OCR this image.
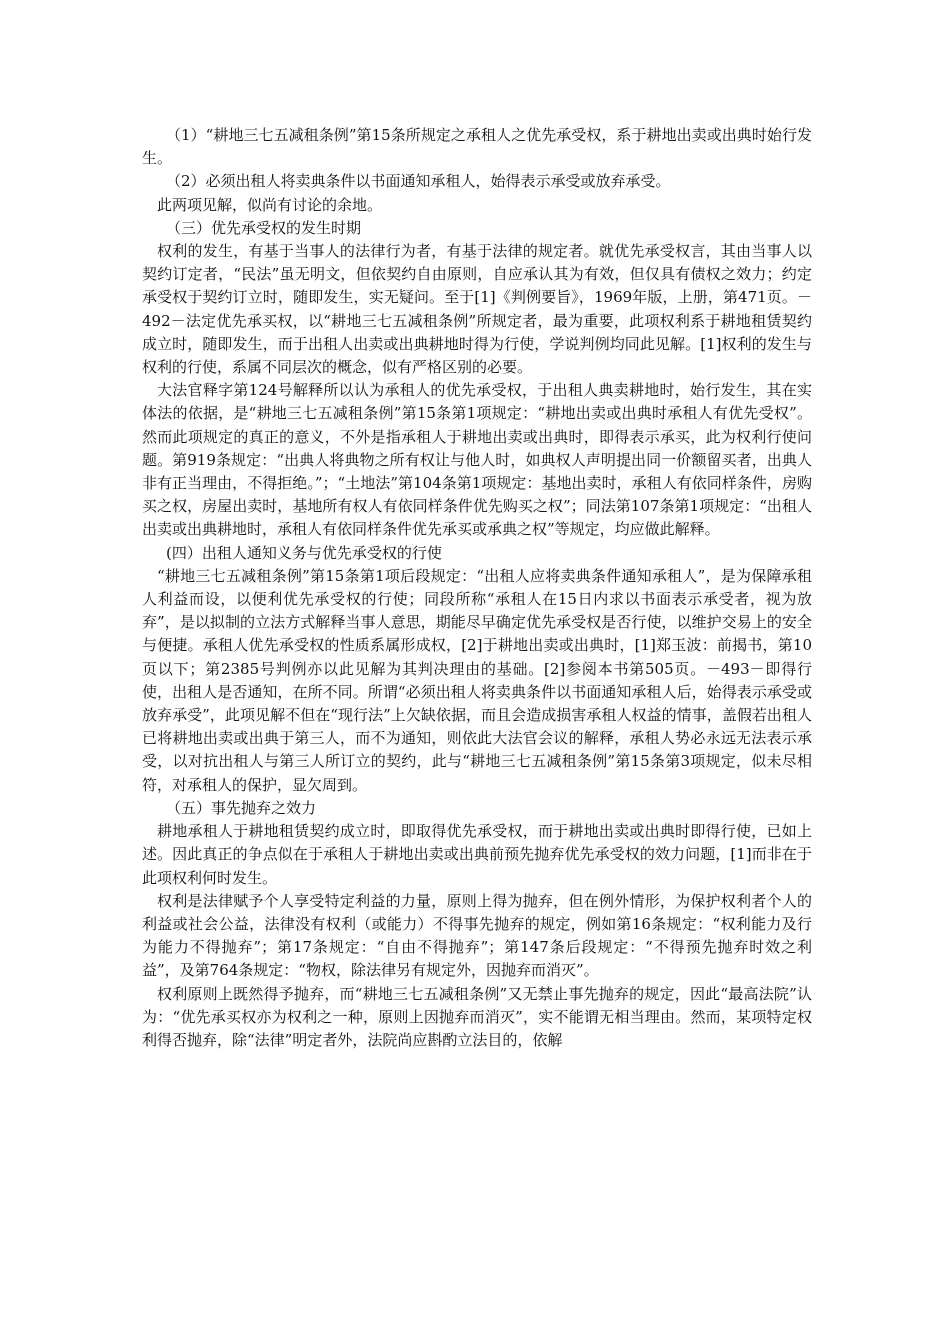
（1）“耕地三七五减租条例”第15条所规定之承租人之优先承受权，系于耕地出卖或出典时始行发生。

（2）必须出租人将卖典条件以书面通知承租人，始得表示承受或放弃承受。

此两项见解，似尚有讨论的余地。

（三）优先承受权的发生时期

权利的发生，有基于当事人的法律行为者，有基于法律的规定者。就优先承受权言，其由当事人以契约订定者，“民法”虽无明文，但依契约自由原则，自应承认其为有效，但仅具有债权之效力；约定承受权于契约订立时，随即发生，实无疑问。至于[1]《判例要旨》，1969年版，上册，第471页。－492－法定优先承买权，以“耕地三七五减租条例”所规定者，最为重要，此项权利系于耕地租赁契约成立时，随即发生，而于出租人出卖或出典耕地时得为行使，学说判例均同此见解。[1]权利的发生与权利的行使，系属不同层次的概念，似有严格区别的必要。

大法官释字第124号解释所以认为承租人的优先承受权，于出租人典卖耕地时，始行发生，其在实体法的依据，是“耕地三七五减租条例”第15条第1项规定：“耕地出卖或出典时承租人有优先受权”。然而此项规定的真正的意义，不外是指承租人于耕地出卖或出典时，即得表示承买，此为权利行使问题。第919条规定：“出典人将典物之所有权让与他人时，如典权人声明提出同一价额留买者，出典人非有正当理由，不得拒绝。”；“土地法”第104条第1项规定：基地出卖时，承租人有依同样条件，房购买之权，房屋出卖时，基地所有权人有依同样条件优先购买之权”；同法第107条第1项规定：“出租人出卖或出典耕地时，承租人有依同样条件优先承买或承典之权”等规定，均应做此解释。

(四）出租人通知义务与优先承受权的行使

“耕地三七五减租条例”第15条第1项后段规定：“出租人应将卖典条件通知承租人”，是为保障承租人利益而设，以便利优先承受权的行使；同段所称“承租人在15日内求以书面表示承受者，视为放弃”，是以拟制的立法方式解释当事人意思，期能尽早确定优先承受权是否行使，以维护交易上的安全与便捷。承租人优先承受权的性质系属形成权，[2]于耕地出卖或出典时，[1]郑玉波：前揭书，第10页以下；第2385号判例亦以此见解为其判决理由的基础。[2]参阅本书第505页。－493－即得行使，出租人是否通知，在所不同。所谓“必须出租人将卖典条件以书面通知承租人后，始得表示承受或放弃承受”，此项见解不但在“现行法”上欠缺依据，而且会造成损害承租人权益的情事，盖假若出租人已将耕地出卖或出典于第三人，而不为通知，则依此大法官会议的解释，承租人势必永远无法表示承受，以对抗出租人与第三人所订立的契约，此与“耕地三七五减租条例”第15条第3项规定，似未尽相符，对承租人的保护，显欠周到。

（五）事先抛弃之效力

耕地承租人于耕地租赁契约成立时，即取得优先承受权，而于耕地出卖或出典时即得行使，已如上述。因此真正的争点似在于承租人于耕地出卖或出典前预先抛弃优先承受权的效力问题，[1]而非在于此项权利何时发生。

权利是法律赋予个人享受特定利益的力量，原则上得为抛弃，但在例外情形，为保护权利者个人的利益或社会公益，法律没有权利（或能力）不得事先抛弃的规定，例如第16条规定：“权利能力及行为能力不得抛弃”；第17条规定：“自由不得抛弃”；第147条后段规定：“不得预先抛弃时效之利益”，及第764条规定：“物权，除法律另有规定外，因抛弃而消灭”。

权利原则上既然得予抛弃，而“耕地三七五减租条例”又无禁止事先抛弃的规定，因此“最高法院”认为：“优先承买权亦为权利之一种，原则上因抛弃而消灭”，实不能谓无相当理由。然而，某项特定权利得否抛弃，除“法律”明定者外，法院尚应斟酌立法目的，依解
